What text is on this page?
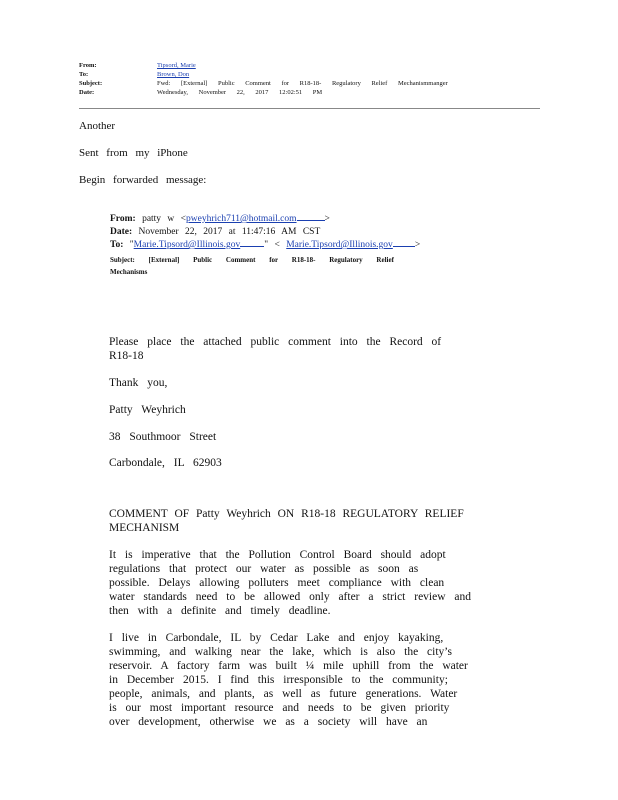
From:	Tipsord, Marie
To:	Brown, Don
Subject:	Fwd: [External] Public Comment for R18-18- Regulatory Relief Mechanismmanger
Date:	Wednesday, November 22, 2017 12:02:51 PM
Another
Sent from my iPhone
Begin forwarded message:
From: patty w <pweyhrich711@hotmail.com	>
Date: November 22, 2017 at 11:47:16 AM CST
To: "Marie.Tipsord@Illinois.gov	" < Marie.Tipsord@Illinois.gov >
Subject: [External] Public Comment for R18-18- Regulatory Relief
Mechanisms
Please place the attached public comment into the Record of
R18-18
Thank you,
Patty Weyhrich
38 Southmoor Street
Carbondale, IL 62903
COMMENT OF Patty Weyhrich ON R18-18 REGULATORY RELIEF
MECHANISM
It is imperative that the Pollution Control Board should adopt
regulations that protect our water as possible as soon as
possible. Delays allowing polluters meet compliance with clean
water standards need to be allowed only after a strict review and
then with a definite and timely deadline.
I live in Carbondale, IL by Cedar Lake and enjoy kayaking,
swimming, and walking near the lake, which is also the city’s
reservoir. A factory farm was built ¼ mile uphill from the water
in December 2015. I find this irresponsible to the community;
people, animals, and plants, as well as future generations. Water
is our most important resource and needs to be given priority
over development, otherwise we as a society will have an
